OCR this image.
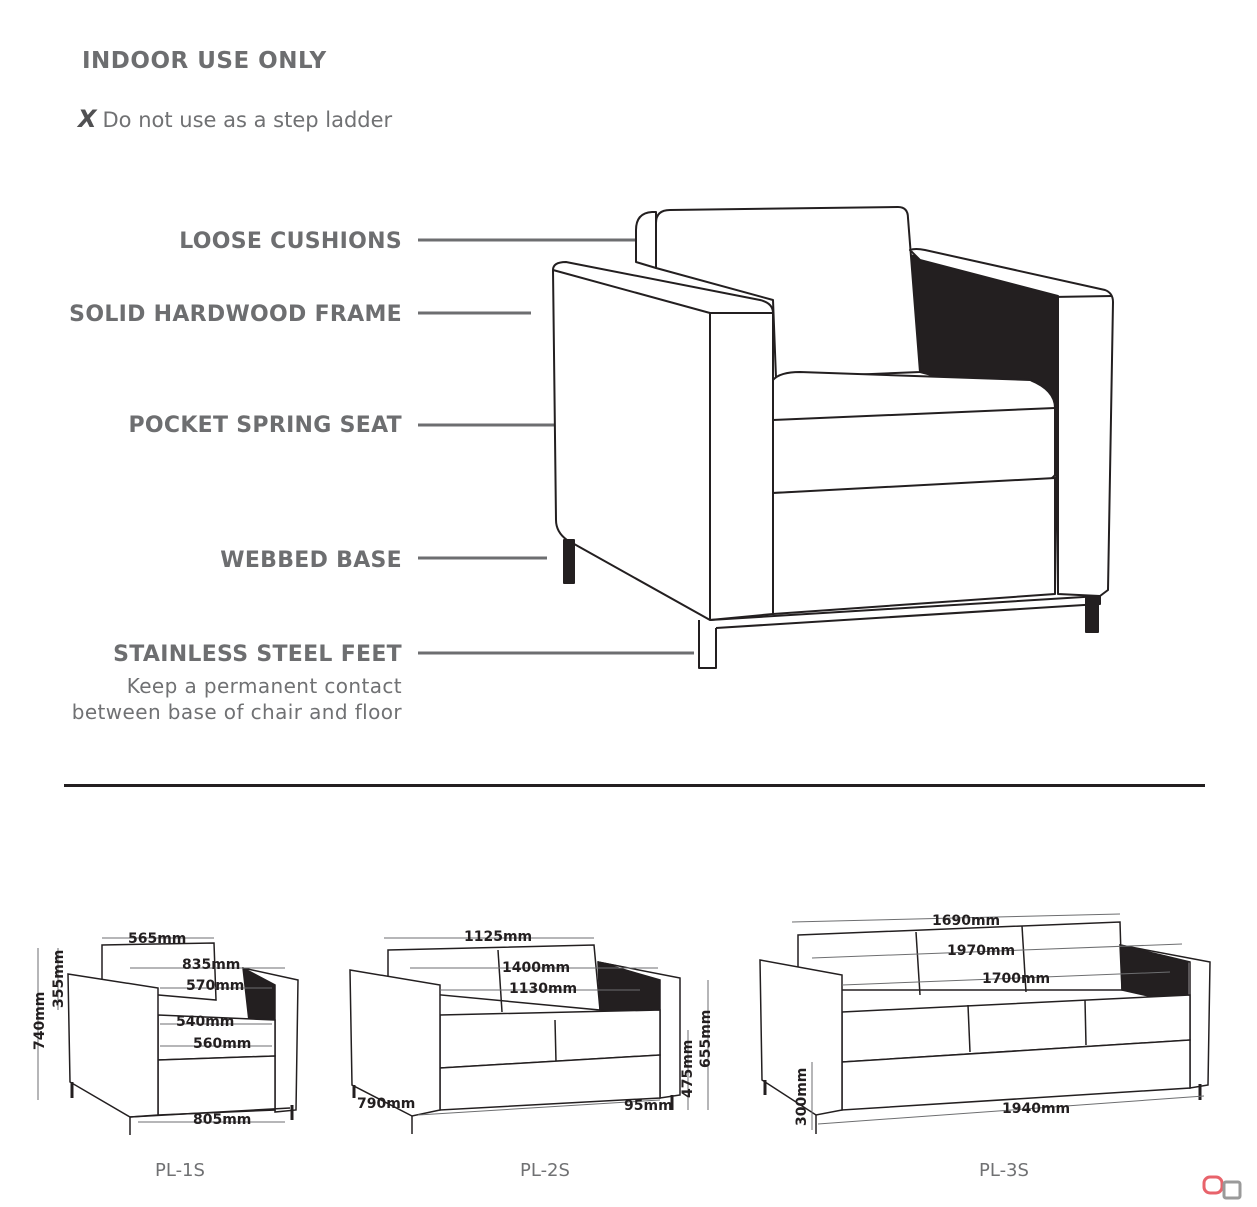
INDOOR USE ONLY
X Do not use as a step ladder
LOOSE CUSHIONS
SOLID HARDWOOD FRAME
POCKET SPRING SEAT
WEBBED BASE
STAINLESS STEEL FEET
Keep a permanent contact
between base of chair and floor
565mm
835mm
570mm
540mm
560mm
805mm
740mm
355mm
1125mm
1400mm
1130mm
790mm	95mm
475mm
655mm
1690mm
1970mm
1700mm
1940mm
300mm
PL-1S	PL-2S	PL-3S
